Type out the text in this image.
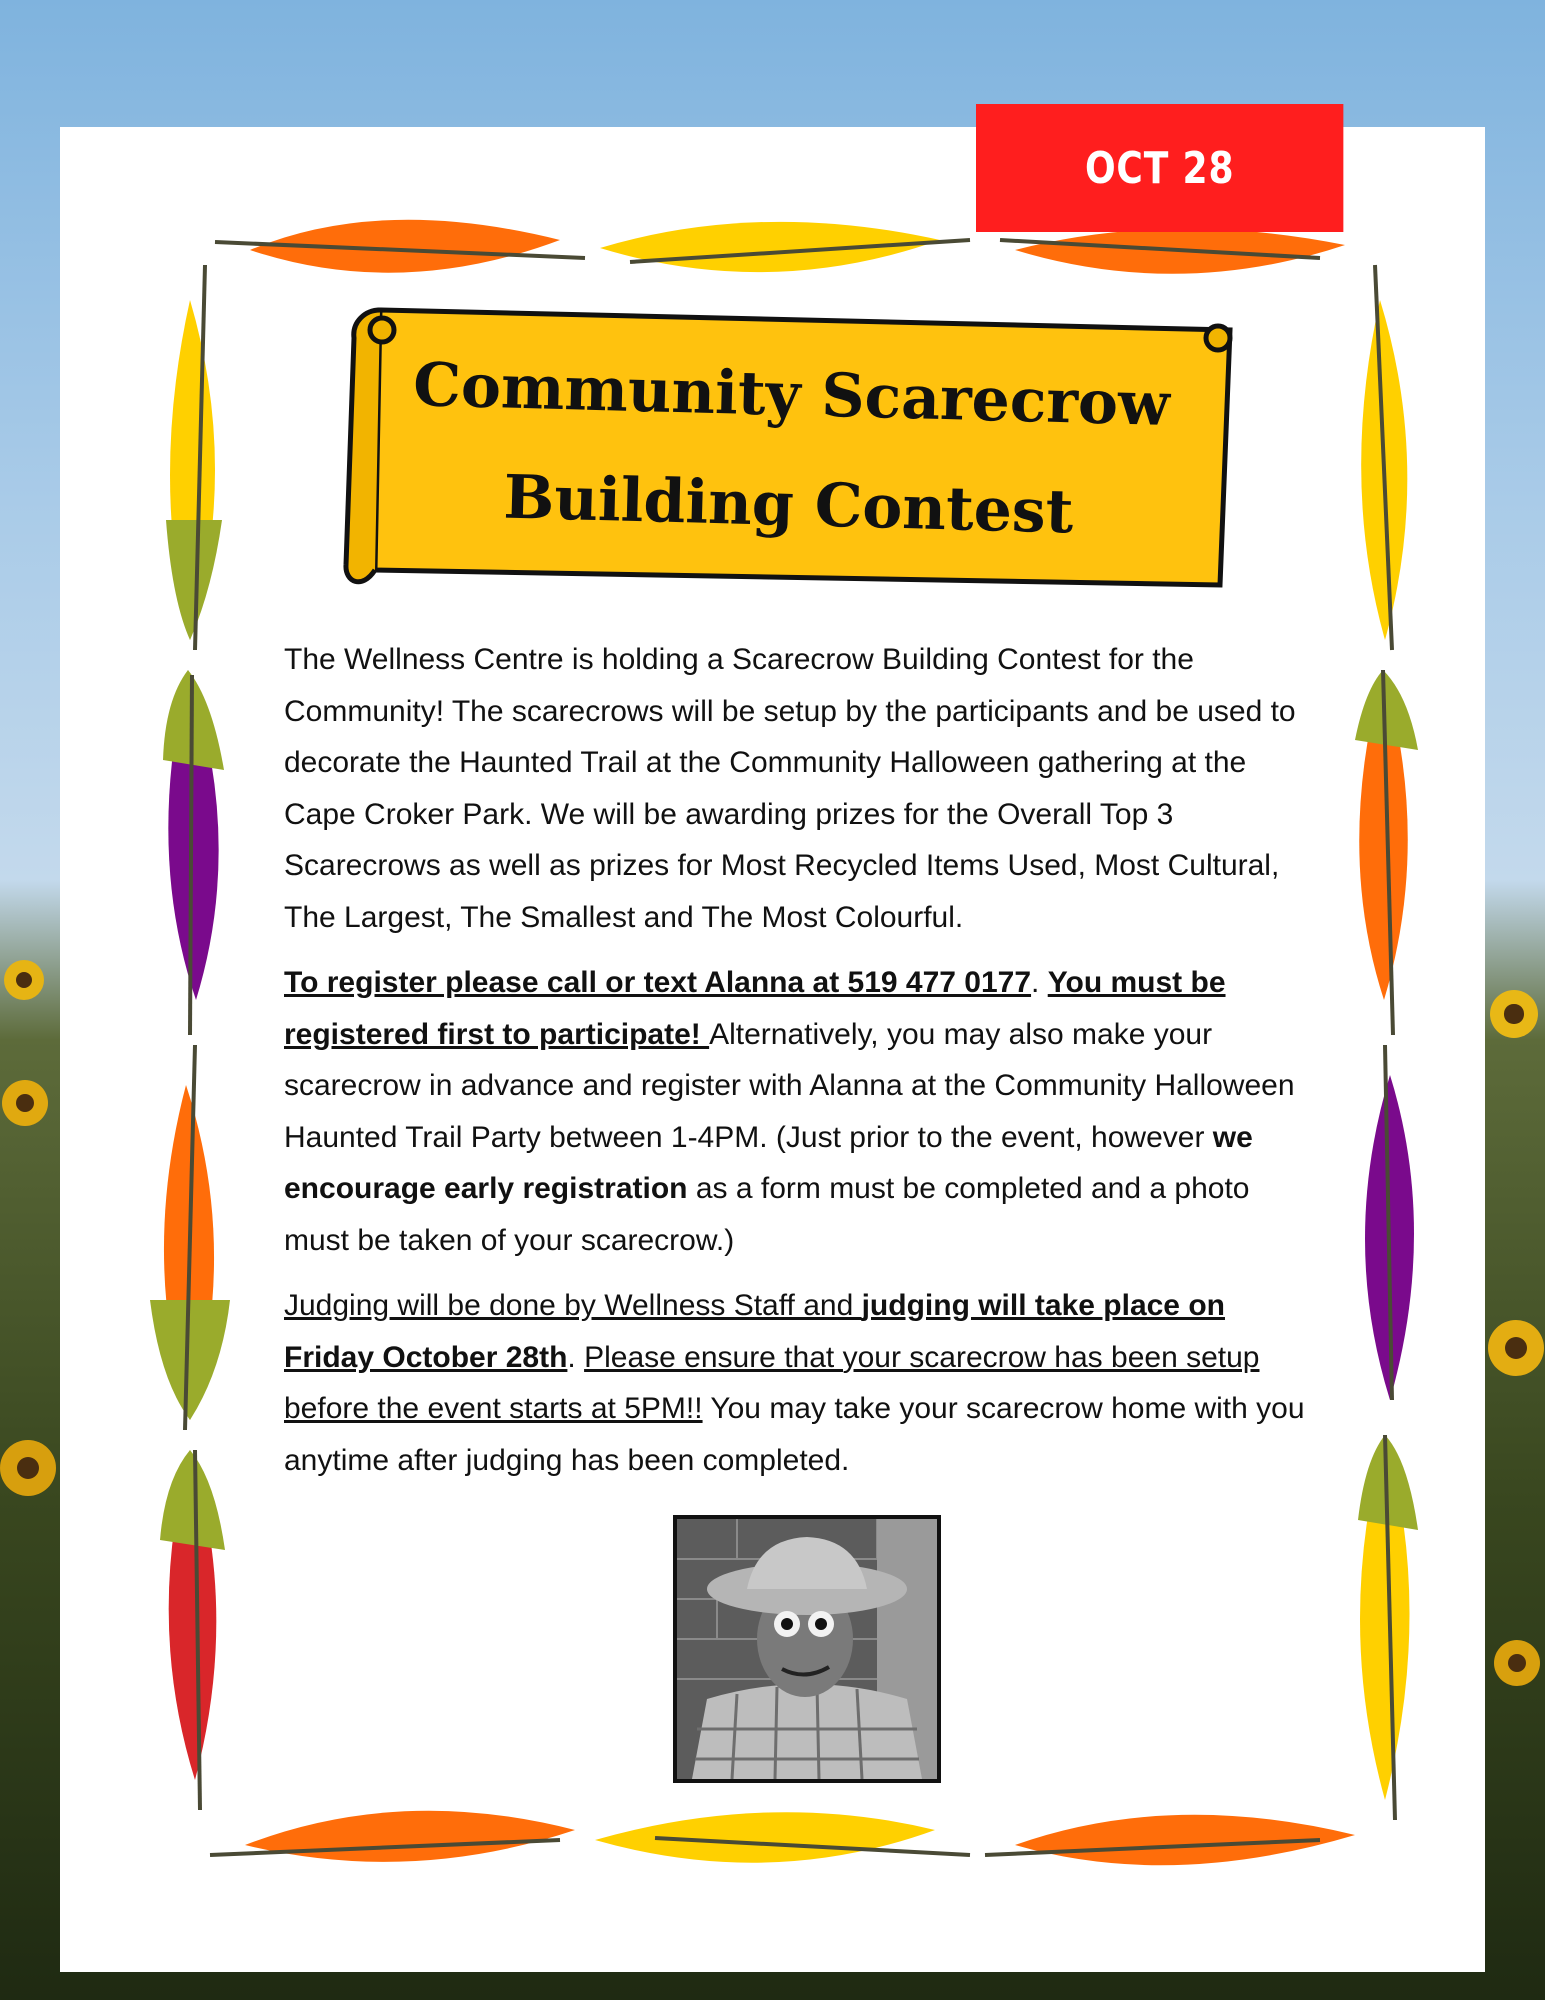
OCT 28
Community Scarecrow
Building Contest

The Wellness Centre is holding a Scarecrow Building Contest for the Community! The scarecrows will be setup by the participants and be used to decorate the Haunted Trail at the Community Halloween gathering at the Cape Croker Park. We will be awarding prizes for the Overall Top 3 Scarecrows as well as prizes for Most Recycled Items Used, Most Cultural, The Largest, The Smallest and The Most Colourful.

To register please call or text Alanna at 519 477 0177. You must be registered first to participate! Alternatively, you may also make your scarecrow in advance and register with Alanna at the Community Halloween Haunted Trail Party between 1-4PM. (Just prior to the event, however we encourage early registration as a form must be completed and a photo must be taken of your scarecrow.)

Judging will be done by Wellness Staff and judging will take place on Friday October 28th. Please ensure that your scarecrow has been setup before the event starts at 5PM!! You may take your scarecrow home with you anytime after judging has been completed.
